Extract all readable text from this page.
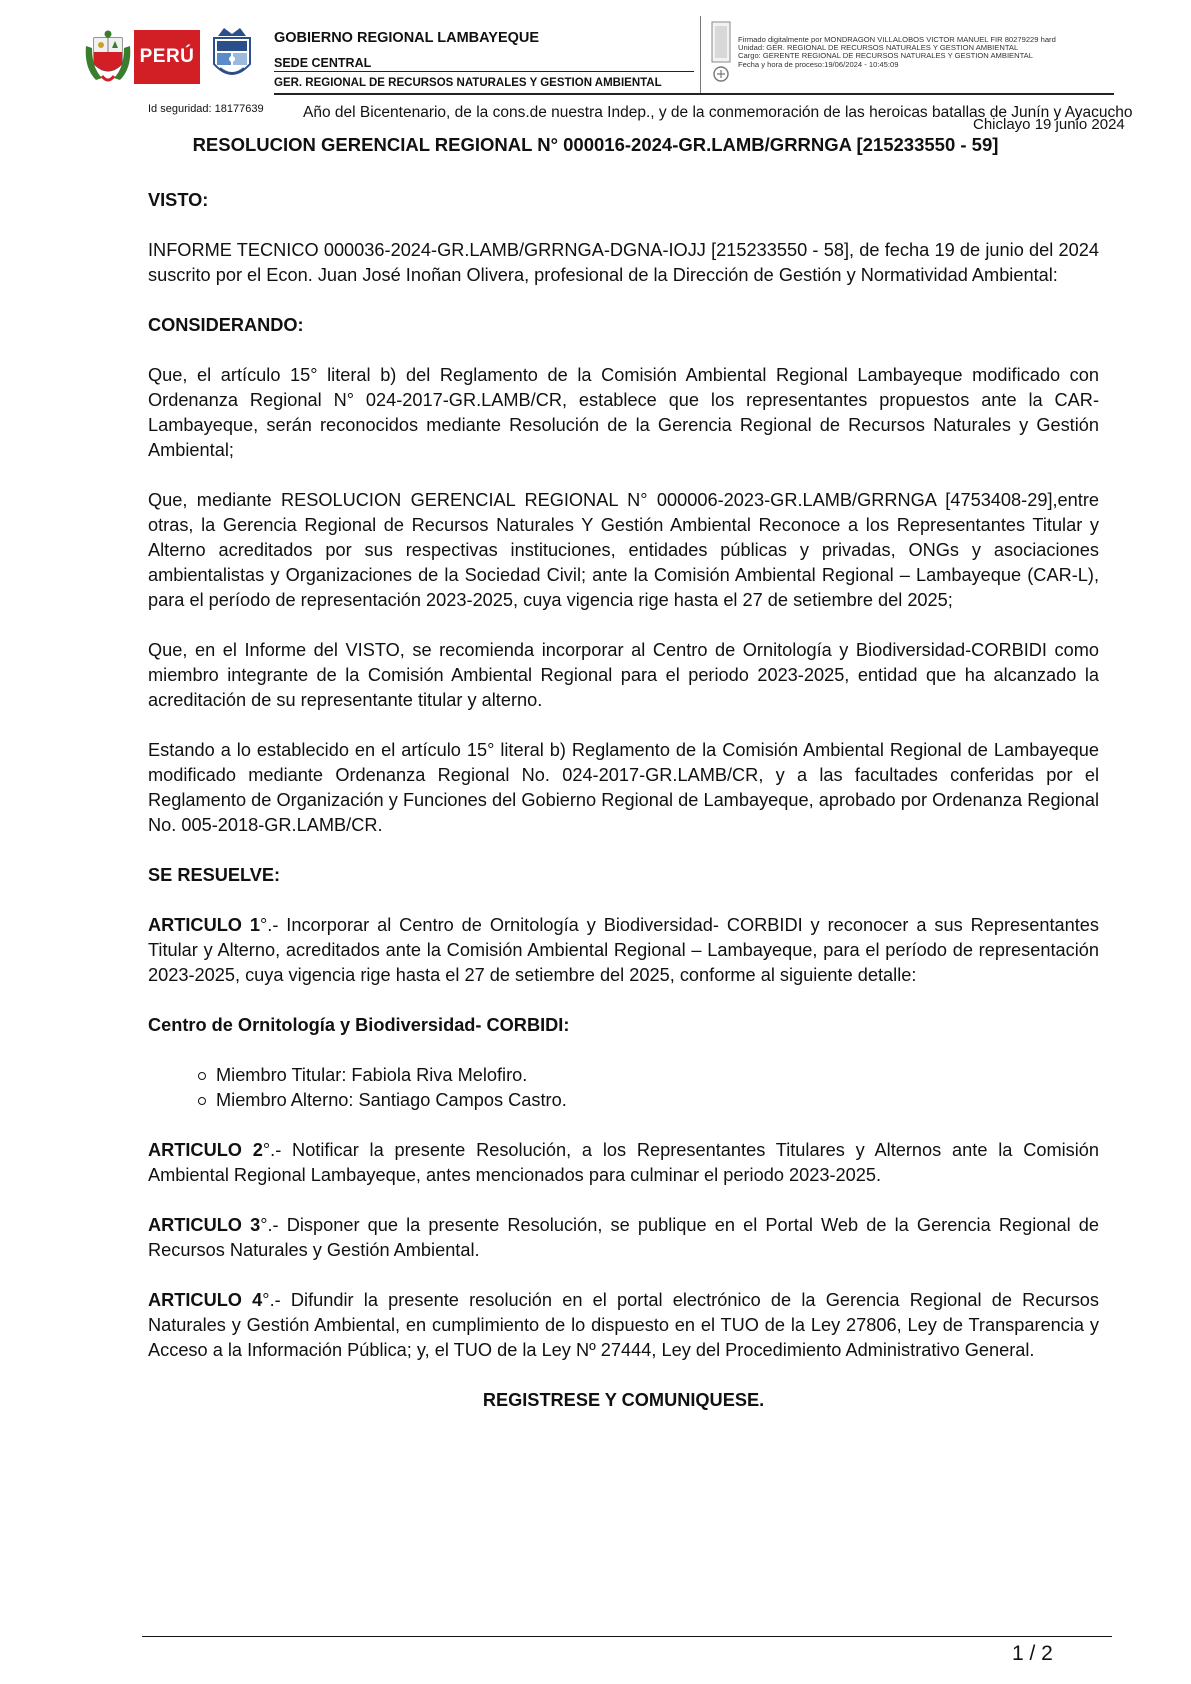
PERÚ
GOBIERNO REGIONAL LAMBAYEQUE
SEDE CENTRAL
GER. REGIONAL DE RECURSOS NATURALES Y GESTION AMBIENTAL
Firmado digitalmente por MONDRAGON VILLALOBOS VICTOR MANUEL FIR 80279229 hard
Unidad: GER. REGIONAL DE RECURSOS NATURALES Y GESTION AMBIENTAL
Cargo: GERENTE REGIONAL DE RECURSOS NATURALES Y GESTION AMBIENTAL
Fecha y hora de proceso:19/06/2024 - 10:45:09
Id seguridad: 18177639	Año del Bicentenario, de la cons.de nuestra Indep., y de la conmemoración de las heroicas batallas de Junín y Ayacucho
Chiclayo 19 junio 2024
RESOLUCION GERENCIAL REGIONAL N° 000016-2024-GR.LAMB/GRRNGA [215233550 - 59]
VISTO:

INFORME TECNICO 000036-2024-GR.LAMB/GRRNGA-DGNA-IOJJ [215233550 - 58], de fecha 19 de junio del 2024 suscrito por el Econ. Juan José Inoñan Olivera, profesional de la Dirección de Gestión y Normatividad Ambiental:

CONSIDERANDO:

Que, el artículo 15° literal b) del Reglamento de la Comisión Ambiental Regional Lambayeque modificado con Ordenanza Regional N° 024-2017-GR.LAMB/CR, establece que los representantes propuestos ante la CAR-Lambayeque, serán reconocidos mediante Resolución de la Gerencia Regional de Recursos Naturales y Gestión Ambiental;

Que, mediante RESOLUCION GERENCIAL REGIONAL N° 000006-2023-GR.LAMB/GRRNGA [4753408-29],entre otras, la Gerencia Regional de Recursos Naturales Y Gestión Ambiental Reconoce a los Representantes Titular y Alterno acreditados por sus respectivas instituciones, entidades públicas y privadas, ONGs y asociaciones ambientalistas y Organizaciones de la Sociedad Civil; ante la Comisión Ambiental Regional – Lambayeque (CAR-L), para el período de representación 2023-2025, cuya vigencia rige hasta el 27 de setiembre del 2025;

Que, en el Informe del VISTO, se recomienda incorporar al Centro de Ornitología y Biodiversidad-CORBIDI como miembro integrante de la Comisión Ambiental Regional para el periodo 2023-2025, entidad que ha alcanzado la acreditación de su representante titular y alterno.

Estando a lo establecido en el artículo 15° literal b) Reglamento de la Comisión Ambiental Regional de Lambayeque modificado mediante Ordenanza Regional No. 024-2017-GR.LAMB/CR, y a las facultades conferidas por el Reglamento de Organización y Funciones del Gobierno Regional de Lambayeque, aprobado por Ordenanza Regional No. 005-2018-GR.LAMB/CR.

SE RESUELVE:

ARTICULO 1°.- Incorporar al Centro de Ornitología y Biodiversidad- CORBIDI y reconocer a sus Representantes Titular y Alterno, acreditados ante la Comisión Ambiental Regional – Lambayeque, para el período de representación 2023-2025, cuya vigencia rige hasta el 27 de setiembre del 2025, conforme al siguiente detalle:

Centro de Ornitología y Biodiversidad- CORBIDI:
Miembro Titular: Fabiola Riva Melofiro.
Miembro Alterno: Santiago Campos Castro.

ARTICULO 2°.- Notificar la presente Resolución, a los Representantes Titulares y Alternos ante la Comisión Ambiental Regional Lambayeque, antes mencionados para culminar el periodo 2023-2025.

ARTICULO 3°.- Disponer que la presente Resolución, se publique en el Portal Web de la Gerencia Regional de Recursos Naturales y Gestión Ambiental.

ARTICULO 4°.- Difundir la presente resolución en el portal electrónico de la Gerencia Regional de Recursos Naturales y Gestión Ambiental, en cumplimiento de lo dispuesto en el TUO de la Ley 27806, Ley de Transparencia y Acceso a la Información Pública; y, el TUO de la Ley Nº 27444, Ley del Procedimiento Administrativo General.

REGISTRESE Y COMUNIQUESE.

1 / 2
